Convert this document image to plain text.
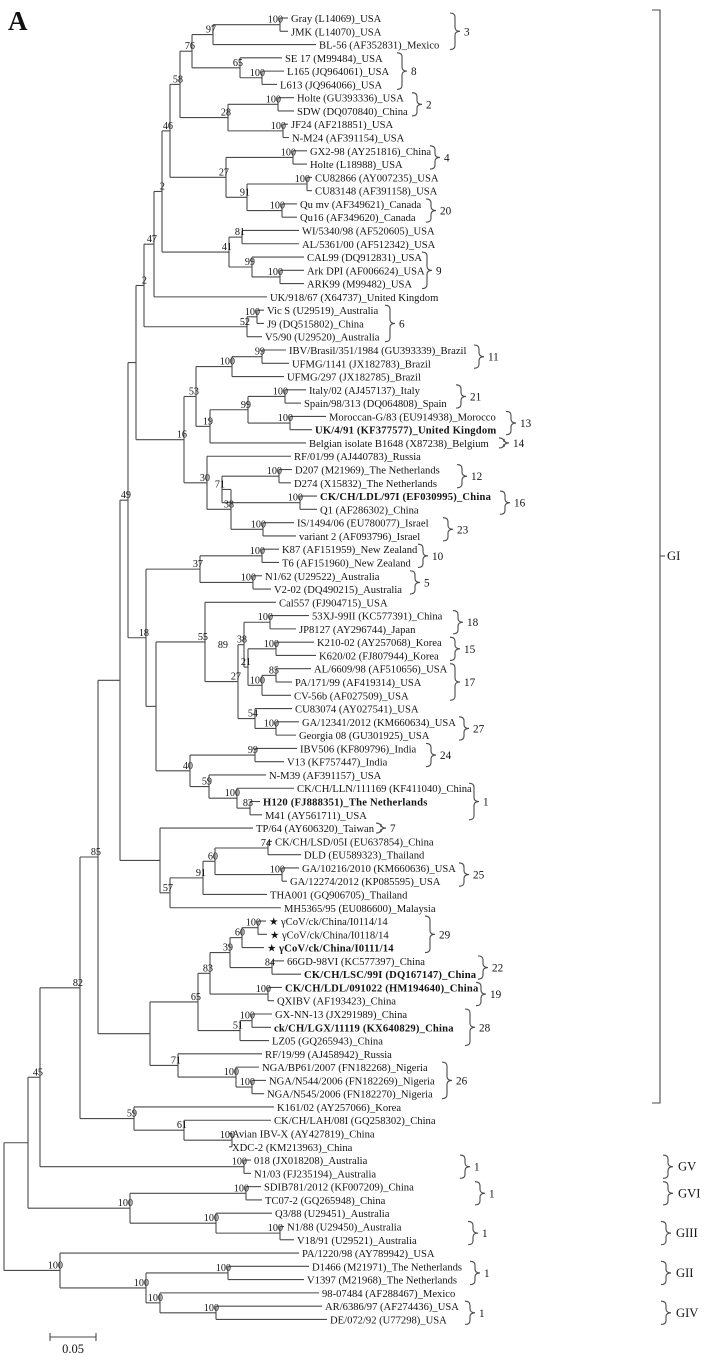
A	100
97
100
65
76
100
100
28
58
100
100
100
91
27
46
81
100
99
41
2
47
100
52
2
99
100
100
100
99
19
53
100
100
71
100
38
30
16
100
100
37
100
100
85
100
21
38
100
54
27
55
99
83
100
59
40
18
49
74
100
60
91
57
100
60
84
39
100
83
100
51
65
100
100
71
85
100
61
59
82
100
45
100
100
100
100
100
100
100
100
100
Gray (L14069)_USA
JMK (L14070)_USA
BL-56 (AF352831)_Mexico
SE 17 (M99484)_USA
L165 (JQ964061)_USA
L613 (JQ964066)_USA
Holte (GU393336)_USA
SDW (DQ070840)_China
JF24 (AF218851)_USA
N-M24 (AF391154)_USA
GX2-98 (AY251816)_China
Holte (L18988)_USA
CU82866 (AY007235)_USA
CU83148 (AF391158)_USA
Qu mv (AF349621)_Canada
Qu16 (AF349620)_Canada
WI/5340/98 (AF520605)_USA
AL/5361/00 (AF512342)_USA
CAL99 (DQ912831)_USA
Ark DPI (AF006624)_USA
ARK99 (M99482)_USA
UK/918/67 (X64737)_United Kingdom
Vic S (U29519)_Australia
J9 (DQ515802)_China
V5/90 (U29520)_Australia
IBV/Brasil/351/1984 (GU393339)_Brazil
UFMG/1141 (JX182783)_Brazil
UFMG/297 (JX182785)_Brazil
Italy/02 (AJ457137)_Italy
Spain/98/313 (DQ064808)_Spain
Moroccan-G/83 (EU914938)_Morocco
UK/4/91 (KF377577)_United Kingdom
Belgian isolate B1648 (X87238)_Belgium
RF/01/99 (AJ440783)_Russia
D207 (M21969)_The Netherlands
D274 (X15832)_The Netherlands
CK/CH/LDL/97I (EF030995)_China
Q1 (AF286302)_China
IS/1494/06 (EU780077)_Israel
variant 2 (AF093796)_Israel
K87 (AF151959)_New Zealand
T6 (AF151960)_New Zealand
N1/62 (U29522)_Australia
V2-02 (DQ490215)_Australia
Cal557 (FJ904715)_USA
53XJ-99II (KC577391)_China
JP8127 (AY296744)_Japan
K210-02 (AY257068)_Korea
K620/02 (FJ807944)_Korea
AL/6609/98 (AF510656)_USA
PA/171/99 (AF419314)_USA
CV-56b (AF027509)_USA
CU83074 (AY027541)_USA
GA/12341/2012 (KM660634)_USA
Georgia 08 (GU301925)_USA
IBV506 (KF809796)_India
V13 (KF757447)_India
N-M39 (AF391157)_USA
CK/CH/LLN/111169 (KF411040)_China
H120 (FJ888351)_The Netherlands
M41 (AY561711)_USA
TP/64 (AY606320)_Taiwan
CK/CH/LSD/05I (EU637854)_China
DLD (EU589323)_Thailand
GA/10216/2010 (KM660636)_USA
GA/12274/2012 (KP085595)_USA
THA001 (GQ906705)_Thailand
MH5365/95 (EU086600)_Malaysia
★ γCoV/ck/China/I0114/14
★ γCoV/ck/China/I0118/14
★ γCoV/ck/China/I0111/14
66GD-98VI (KC577397)_China
CK/CH/LSC/99I (DQ167147)_China
CK/CH/LDL/091022 (HM194640)_China
QXIBV (AF193423)_China
GX-NN-13 (JX291989)_China
ck/CH/LGX/11119 (KX640829)_China
LZ05 (GQ265943)_China
RF/19/99 (AJ458942)_Russia
NGA/BP61/2007 (FN182268)_Nigeria
NGA/N544/2006 (FN182269)_Nigeria
NGA/N545/2006 (FN182270)_Nigeria
K161/02 (AY257066)_Korea
CK/CH/LAH/08I (GQ258302)_China
Avian IBV-X (AY427819)_China
XDC-2 (KM213963)_China
018 (JX018208)_Australia
N1/03 (FJ235194)_Australia
SDIB781/2012 (KF007209)_China
TC07-2 (GQ265948)_China
Q3/88 (U29451)_Australia
N1/88 (U29450)_Australia
V18/91 (U29521)_Australia
PA/1220/98 (AY789942)_USA
D1466 (M21971)_The Netherlands
V1397 (M21968)_The Netherlands
98-07484 (AF288467)_Mexico
AR/6386/97 (AF274436)_USA
DE/072/92 (U77298)_USA
3
8
2
4
20
9
6
11
21
13
14
12
16
23
10
5
18
15
17
27
24
1
7
25
29
22
19
28
26
1
1
1
1
1
GI
GV
GVI
GIII
GII
GIV
89
0.05
